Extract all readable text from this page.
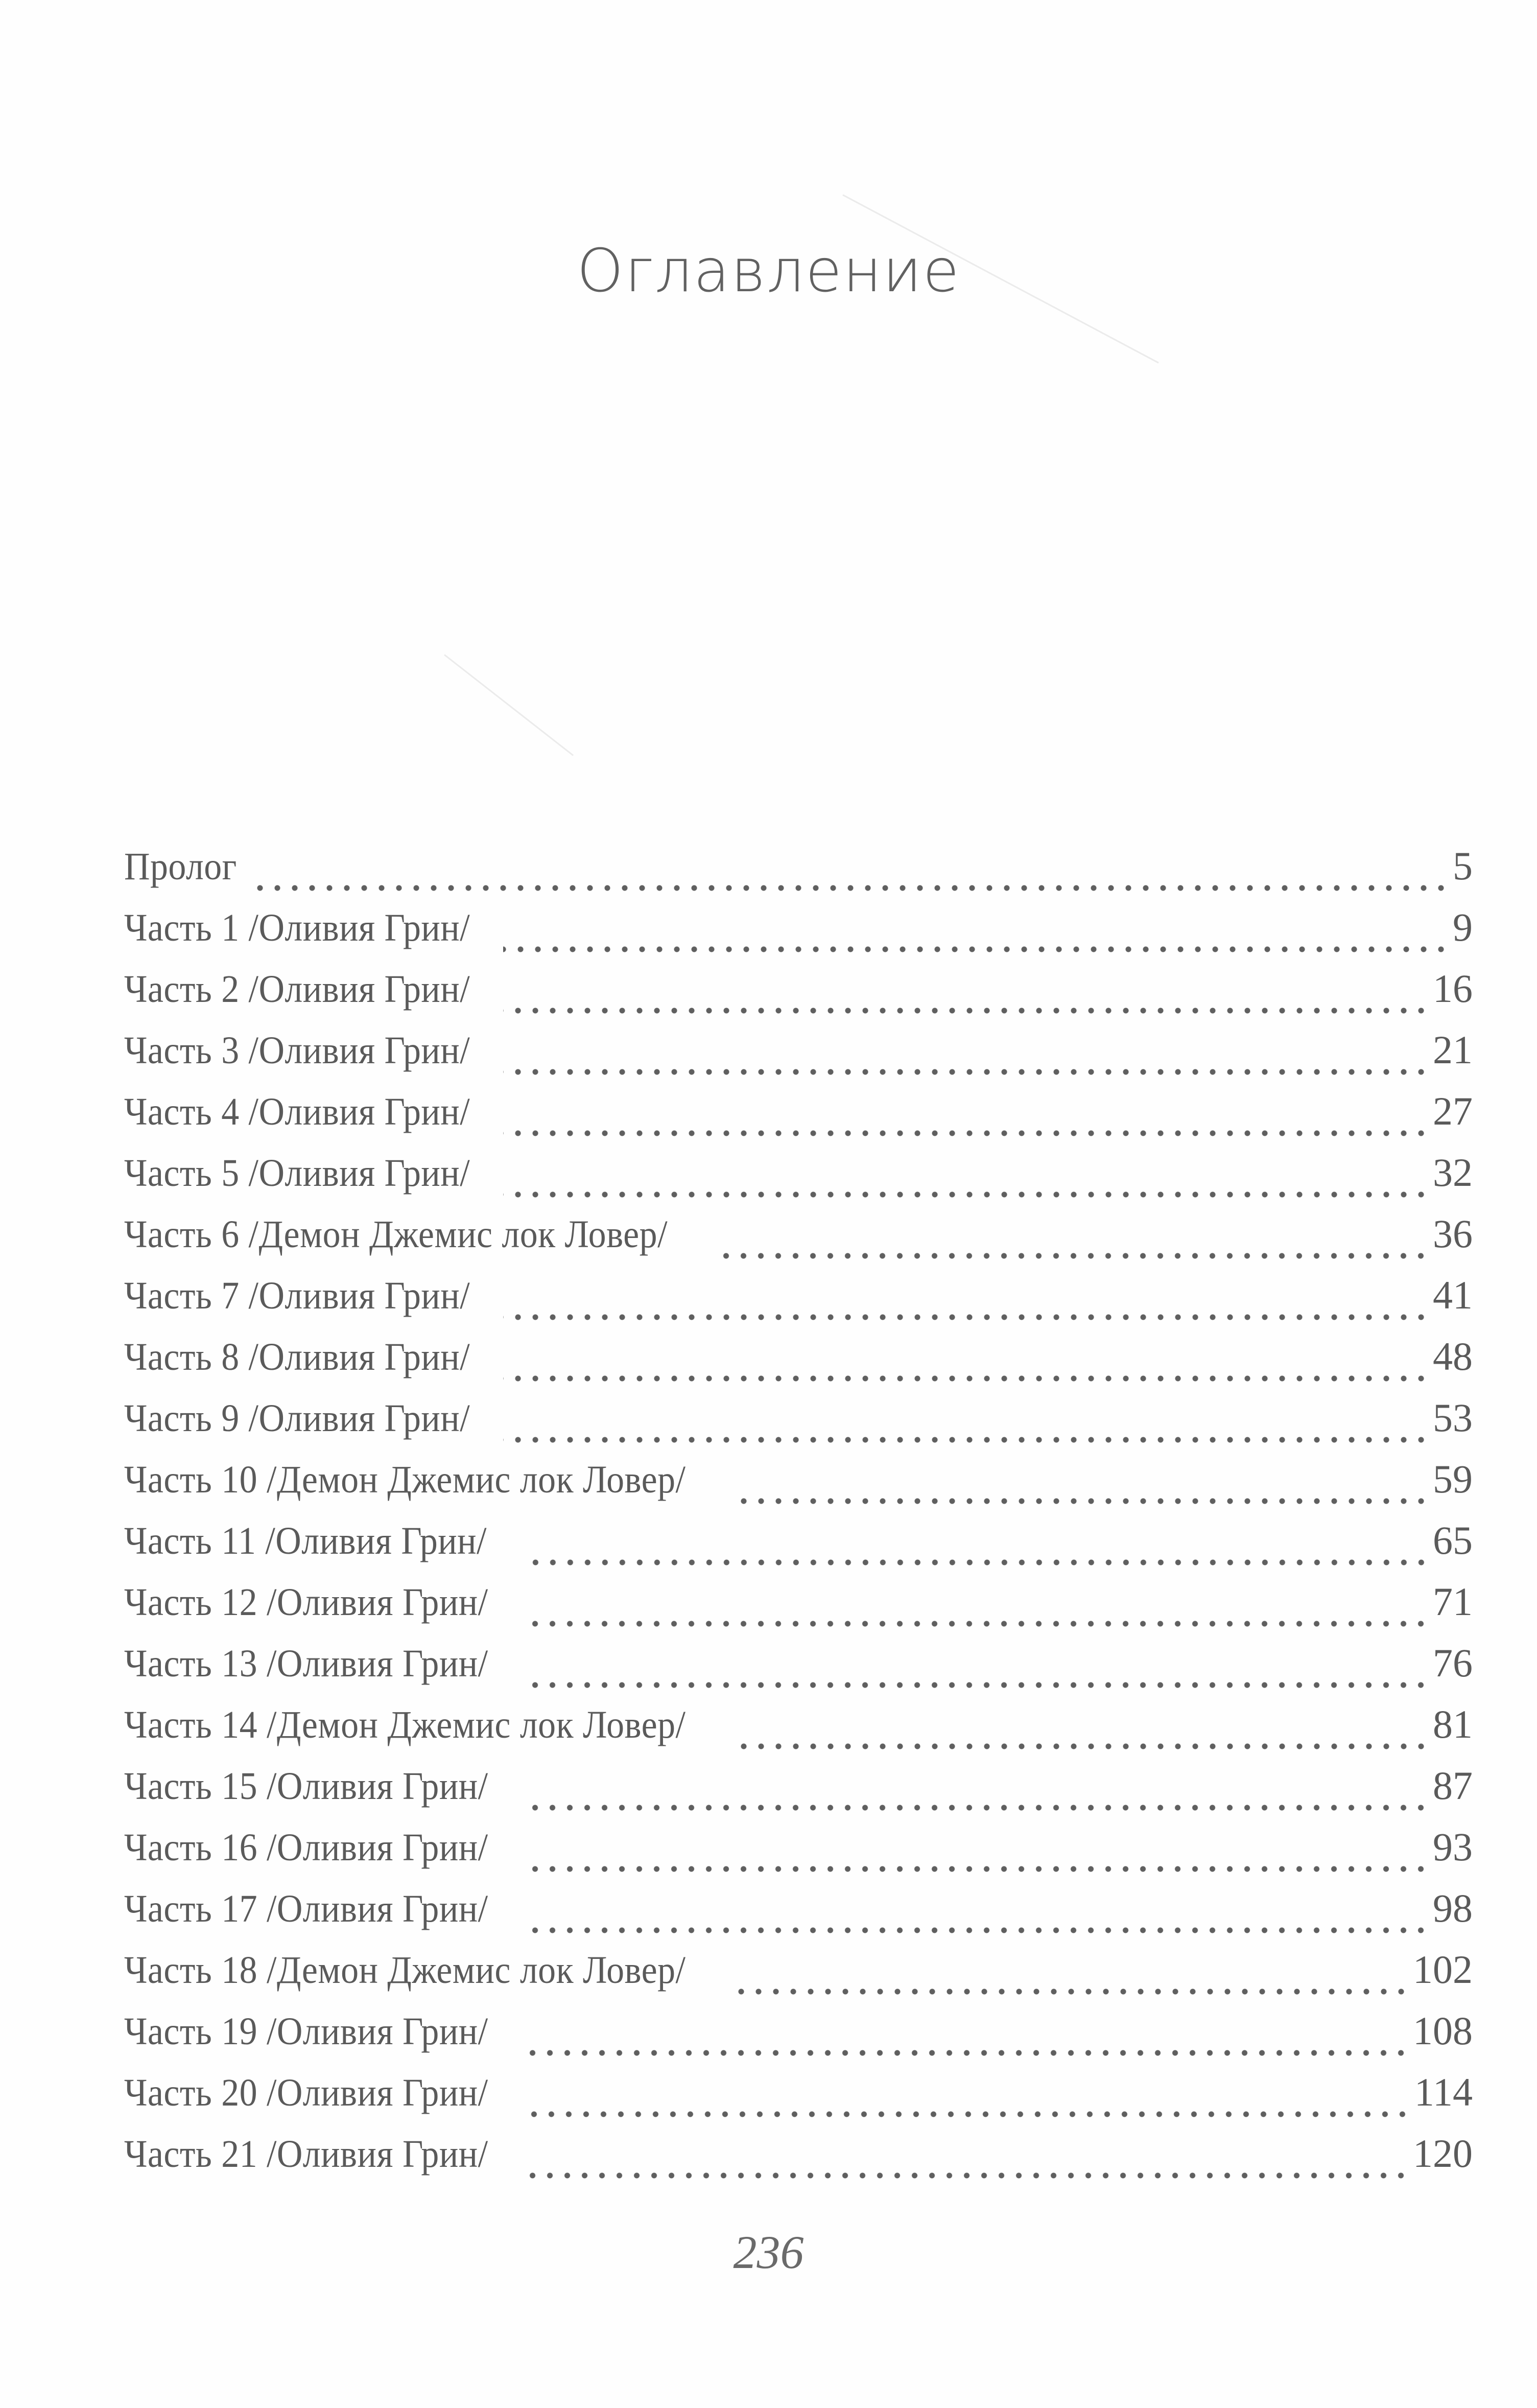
Оглавление
Пролог	5
Часть 1 /Оливия Грин/	9
Часть 2 /Оливия Грин/	16
Часть 3 /Оливия Грин/	21
Часть 4 /Оливия Грин/	27
Часть 5 /Оливия Грин/	32
Часть 6 /Демон Джемис лок Ловер/	36
Часть 7 /Оливия Грин/	41
Часть 8 /Оливия Грин/	48
Часть 9 /Оливия Грин/	53
Часть 10 /Демон Джемис лок Ловер/	59
Часть 11 /Оливия Грин/	65
Часть 12 /Оливия Грин/	71
Часть 13 /Оливия Грин/	76
Часть 14 /Демон Джемис лок Ловер/	81
Часть 15 /Оливия Грин/	87
Часть 16 /Оливия Грин/	93
Часть 17 /Оливия Грин/	98
Часть 18 /Демон Джемис лок Ловер/	102
Часть 19 /Оливия Грин/	108
Часть 20 /Оливия Грин/	114
Часть 21 /Оливия Грин/	120
236
